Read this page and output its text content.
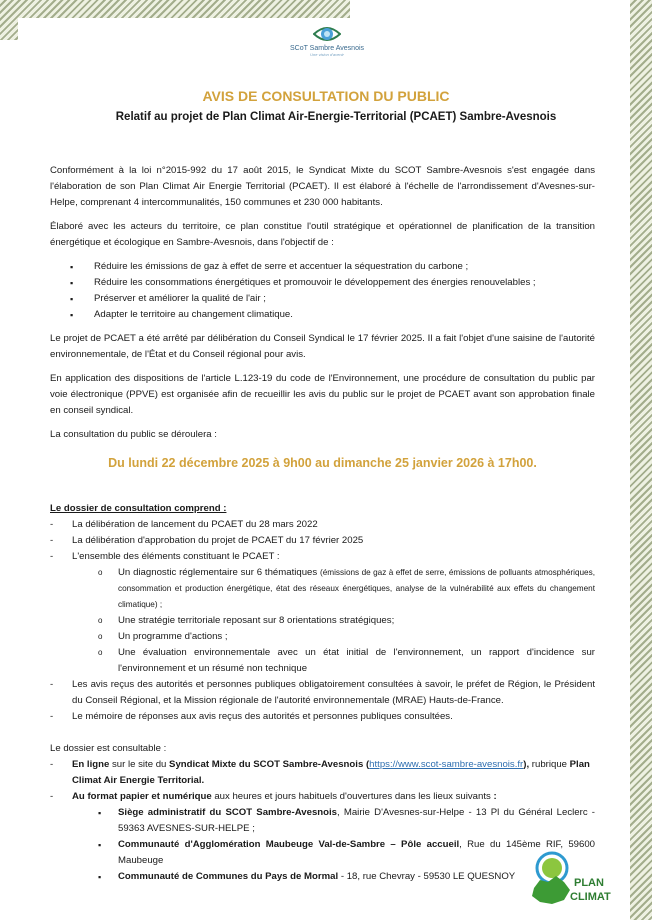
SCoT Sambre Avesnois
Une vision d'avenir
AVIS DE CONSULTATION DU PUBLIC
Relatif au projet de Plan Climat Air-Energie-Territorial (PCAET) Sambre-Avesnois

Conformément à la loi n°2015-992 du 17 août 2015, le Syndicat Mixte du SCOT Sambre-Avesnois s'est engagée dans l'élaboration de son Plan Climat Air Energie Territorial (PCAET). Il est élaboré à l'échelle de l'arrondissement d'Avesnes-sur-Helpe, comprenant 4 intercommunalités, 150 communes et 230 000 habitants.

Élaboré avec les acteurs du territoire, ce plan constitue l'outil stratégique et opérationnel de planification de la transition énergétique et écologique en Sambre-Avesnois, dans l'objectif de :

▪ Réduire les émissions de gaz à effet de serre et accentuer la séquestration du carbone ;
▪ Réduire les consommations énergétiques et promouvoir le développement des énergies renouvelables ;
▪ Préserver et améliorer la qualité de l'air ;
▪ Adapter le territoire au changement climatique.

Le projet de PCAET a été arrêté par délibération du Conseil Syndical le 17 février 2025. Il a fait l'objet d'une saisine de l'autorité environnementale, de l'État et du Conseil régional pour avis.

En application des dispositions de l'article L.123-19 du code de l'Environnement, une procédure de consultation du public par voie électronique (PPVE) est organisée afin de recueillir les avis du public sur le projet de PCAET avant son approbation finale en conseil syndical.

La consultation du public se déroulera :

Du lundi 22 décembre 2025 à 9h00 au dimanche 25 janvier 2026 à 17h00.
Le dossier de consultation comprend :
- La délibération de lancement du PCAET du 28 mars 2022
- La délibération d'approbation du projet de PCAET du 17 février 2025
- L'ensemble des éléments constituant le PCAET :
o Un diagnostic réglementaire sur 6 thématiques (émissions de gaz à effet de serre, émissions de polluants atmosphériques, consommation et production énergétique, état des réseaux énergétiques, analyse de la vulnérabilité aux effets du changement climatique) ;
o Une stratégie territoriale reposant sur 8 orientations stratégiques;
o Un programme d'actions ;
o Une évaluation environnementale avec un état initial de l'environnement, un rapport d'incidence sur l'environnement et un résumé non technique
- Les avis reçus des autorités et personnes publiques obligatoirement consultées à savoir, le préfet de Région, le Président du Conseil Régional, et la Mission régionale de l'autorité environnementale (MRAE) Hauts-de-France.
- Le mémoire de réponses aux avis reçus des autorités et personnes publiques consultées.
Le dossier est consultable :
- En ligne sur le site du Syndicat Mixte du SCOT Sambre-Avesnois (https://www.scot-sambre-avesnois.fr), rubrique Plan Climat Air Energie Territorial.
- Au format papier et numérique aux heures et jours habituels d'ouvertures dans les lieux suivants :
▪ Siège administratif du SCOT Sambre-Avesnois, Mairie D'Avesnes-sur-Helpe - 13 Pl du Général Leclerc - 59363 AVESNES-SUR-HELPE ;
▪ Communauté d'Agglomération Maubeuge Val-de-Sambre – Pôle accueil, Rue du 145ème RIF, 59600 Maubeuge
▪ Communauté de Communes du Pays de Mormal - 18, rue Chevray - 59530 LE QUESNOY
PLAN
CLIMAT
